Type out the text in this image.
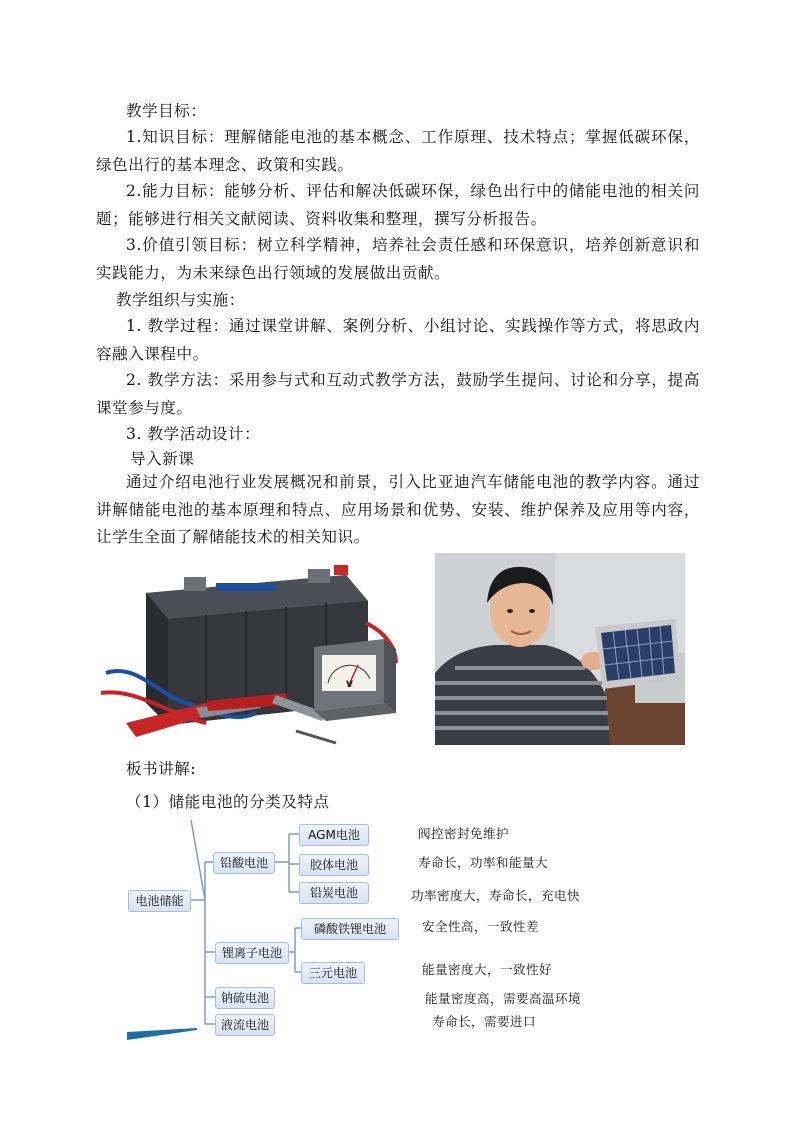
教学目标：
1.知识目标：理解储能电池的基本概念、工作原理、技术特点；掌握低碳环保，绿色出行的基本理念、政策和实践。
2.能力目标：能够分析、评估和解决低碳环保，绿色出行中的储能电池的相关问题；能够进行相关文献阅读、资料收集和整理，撰写分析报告。
3.价值引领目标：树立科学精神，培养社会责任感和环保意识，培养创新意识和实践能力，为未来绿色出行领域的发展做出贡献。
教学组织与实施：
1. 教学过程：通过课堂讲解、案例分析、小组讨论、实践操作等方式，将思政内容融入课程中。
2. 教学方法：采用参与式和互动式教学方法，鼓励学生提问、讨论和分享，提高课堂参与度。
3. 教学活动设计：
导入新课
通过介绍电池行业发展概况和前景，引入比亚迪汽车储能电池的教学内容。通过讲解储能电池的基本原理和特点、应用场景和优势、安装、维护保养及应用等内容，让学生全面了解储能技术的相关知识。
V
板书讲解:
（1）储能电池的分类及特点
电池储能
铅酸电池
AGM电池
胶体电池
铅炭电池
锂离子电池
磷酸铁锂电池
三元电池
钠硫电池
液流电池
阀控密封免维护
寿命长，功率和能量大
功率密度大，寿命长，充电快
安全性高，一致性差
能量密度大，一致性好
能量密度高，需要高温环境
寿命长，需要进口
